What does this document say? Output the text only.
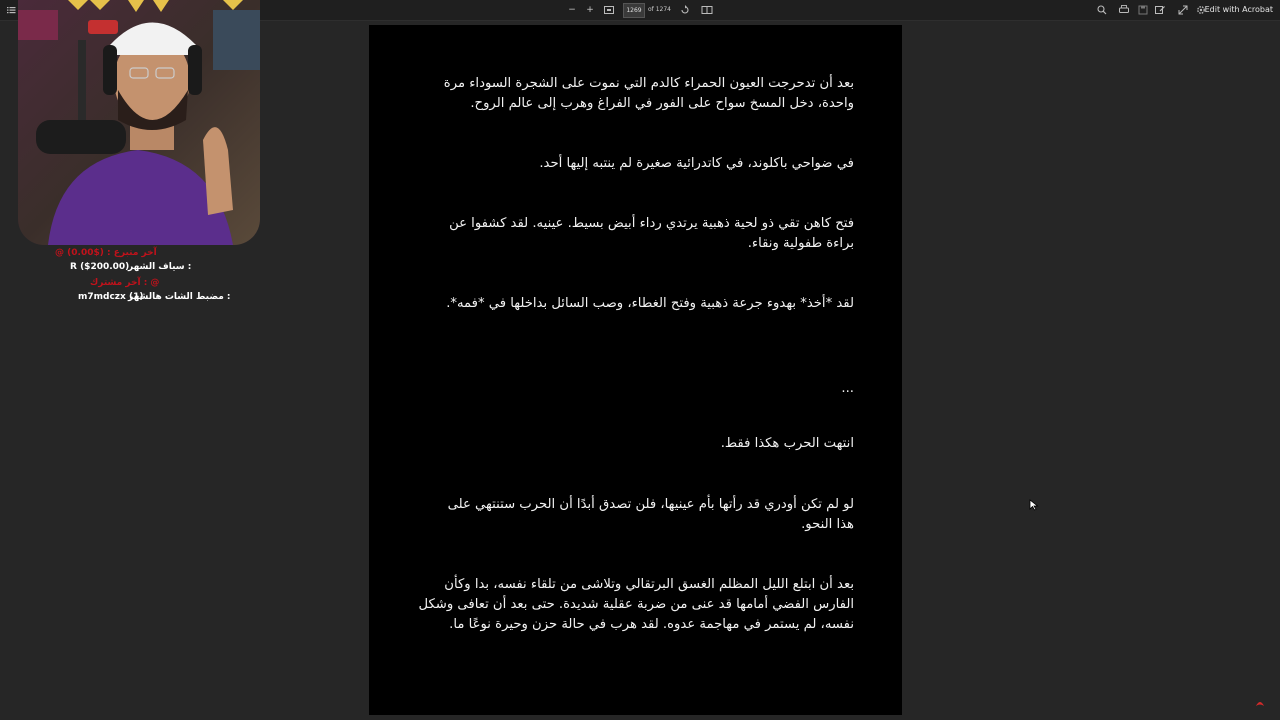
−	+	1269	of 1274	Edit with Acrobat
بعد أن تدحرجت العيون الحمراء كالدم التي نموت على الشجرة السوداء مرة
واحدة، دخل المسخ سواح على الفور في الفراغ وهرب إلى عالم الروح.
في ضواحي باكلوند، في كاتدرائية صغيرة لم ينتبه إليها أحد.
فتح كاهن تقي ذو لحية ذهبية يرتدي رداء أبيض بسيط. عينيه. لقد كشفوا عن
براءة طفولية ونقاء.
لقد *أخذ* بهدوء جرعة ذهبية وفتح الغطاء، وصب السائل بداخلها في *فمه*.
...
انتهت الحرب هكذا فقط.
لو لم تكن أودري قد رأتها بأم عينيها، فلن تصدق أبدًا أن الحرب ستنتهي على
هذا النحو.
بعد أن ابتلع الليل المظلم الغسق البرتقالي وتلاشى من تلقاء نفسه، بدا وكأن
الفارس الفضي أمامها قد عنى من ضربة عقلية شديدة. حتى بعد أن تعافى وشكل
نفسه، لم يستمر في مهاجمة عدوه. لقد هرب في حالة حزن وحيرة نوعًا ما.
@ آخر متبرع : ($0.00)
سياف الشهر :
R ($200.00)
آخر مشترك : @
مضبط الشات هالشهر :
m7mdczx (1)
